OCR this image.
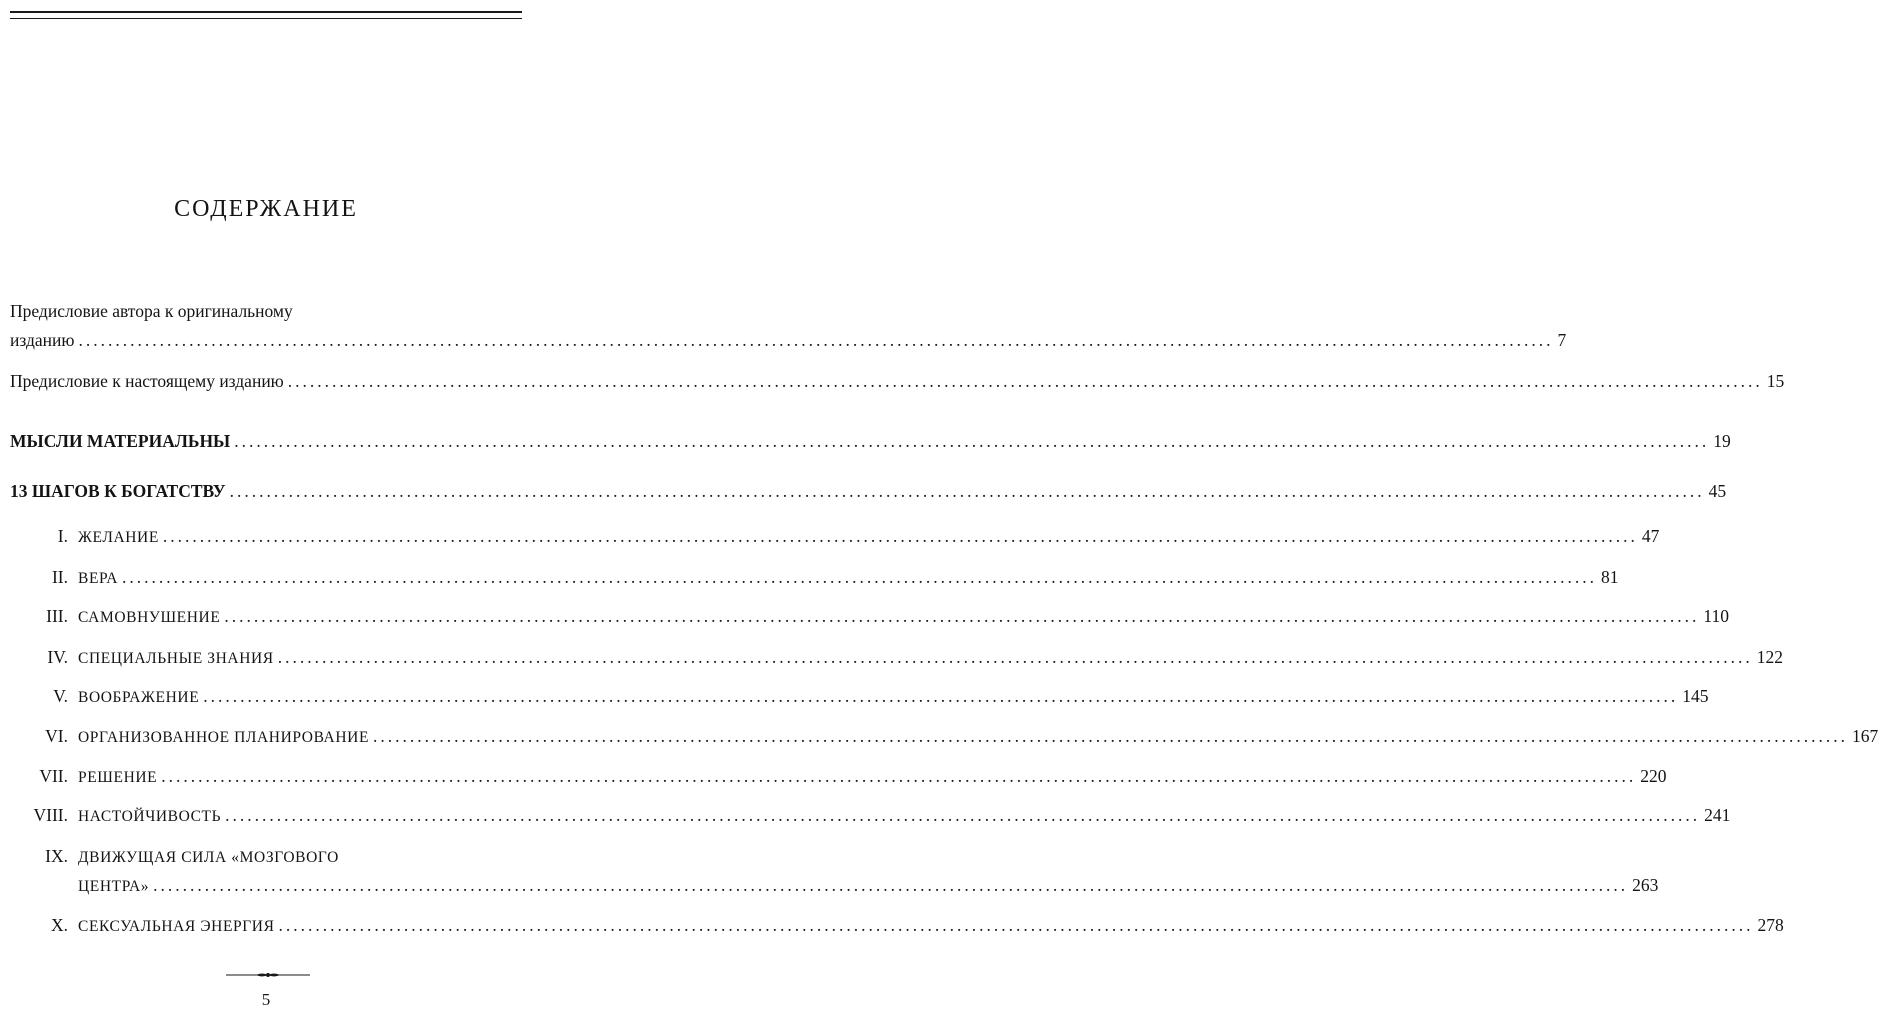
СОДЕРЖАНИЕ
Предисловие автора к оригинальному
изданию ........................................................................................................................................................................................................ 7
Предисловие к настоящему изданию ........................................................................................................................................................................................................ 15
МЫСЛИ МАТЕРИАЛЬНЫ ........................................................................................................................................................................................................ 19
13 ШАГОВ К БОГАТСТВУ ........................................................................................................................................................................................................ 45
I. ЖЕЛАНИЕ ........................................................................................................................................................................................................ 47
II. ВЕРА ........................................................................................................................................................................................................ 81
III. САМОВНУШЕНИЕ ........................................................................................................................................................................................................ 110
IV. СПЕЦИАЛЬНЫЕ ЗНАНИЯ ........................................................................................................................................................................................................ 122
V. ВООБРАЖЕНИЕ ........................................................................................................................................................................................................ 145
VI. ОРГАНИЗОВАННОЕ ПЛАНИРОВАНИЕ ........................................................................................................................................................................................................ 167
VII. РЕШЕНИЕ ........................................................................................................................................................................................................ 220
VIII. НАСТОЙЧИВОСТЬ ........................................................................................................................................................................................................ 241
IX. ДВИЖУЩАЯ СИЛА «МОЗГОВОГО
ЦЕНТРА» ........................................................................................................................................................................................................ 263
X. СЕКСУАЛЬНАЯ ЭНЕРГИЯ ........................................................................................................................................................................................................ 278
5
